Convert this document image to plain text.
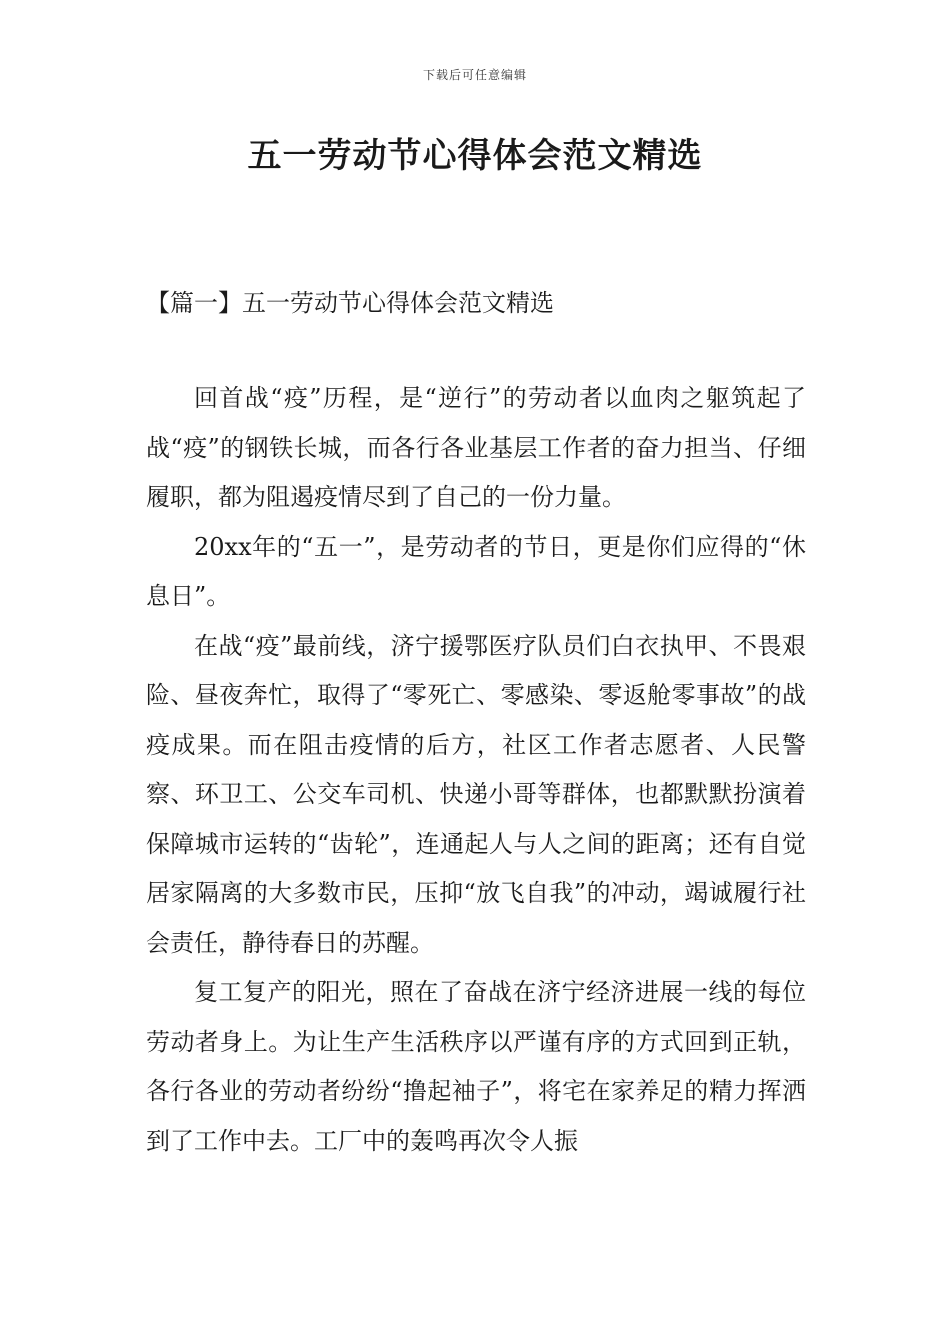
下载后可任意编辑
五一劳动节心得体会范文精选
【篇一】五一劳动节心得体会范文精选

回首战“疫”历程，是“逆行”的劳动者以血肉之躯筑起了战“疫”的钢铁长城，而各行各业基层工作者的奋力担当、仔细履职，都为阻遏疫情尽到了自己的一份力量。

20xx年的“五一”，是劳动者的节日，更是你们应得的“休息日”。

在战“疫”最前线，济宁援鄂医疗队员们白衣执甲、不畏艰险、昼夜奔忙，取得了“零死亡、零感染、零返舱零事故”的战疫成果。而在阻击疫情的后方，社区工作者志愿者、人民警察、环卫工、公交车司机、快递小哥等群体，也都默默扮演着保障城市运转的“齿轮”，连通起人与人之间的距离；还有自觉居家隔离的大多数市民，压抑“放飞自我”的冲动，竭诚履行社会责任，静待春日的苏醒。

复工复产的阳光，照在了奋战在济宁经济进展一线的每位劳动者身上。为让生产生活秩序以严谨有序的方式回到正轨，各行各业的劳动者纷纷“撸起袖子”，将宅在家养足的精力挥洒到了工作中去。工厂中的轰鸣再次令人振
